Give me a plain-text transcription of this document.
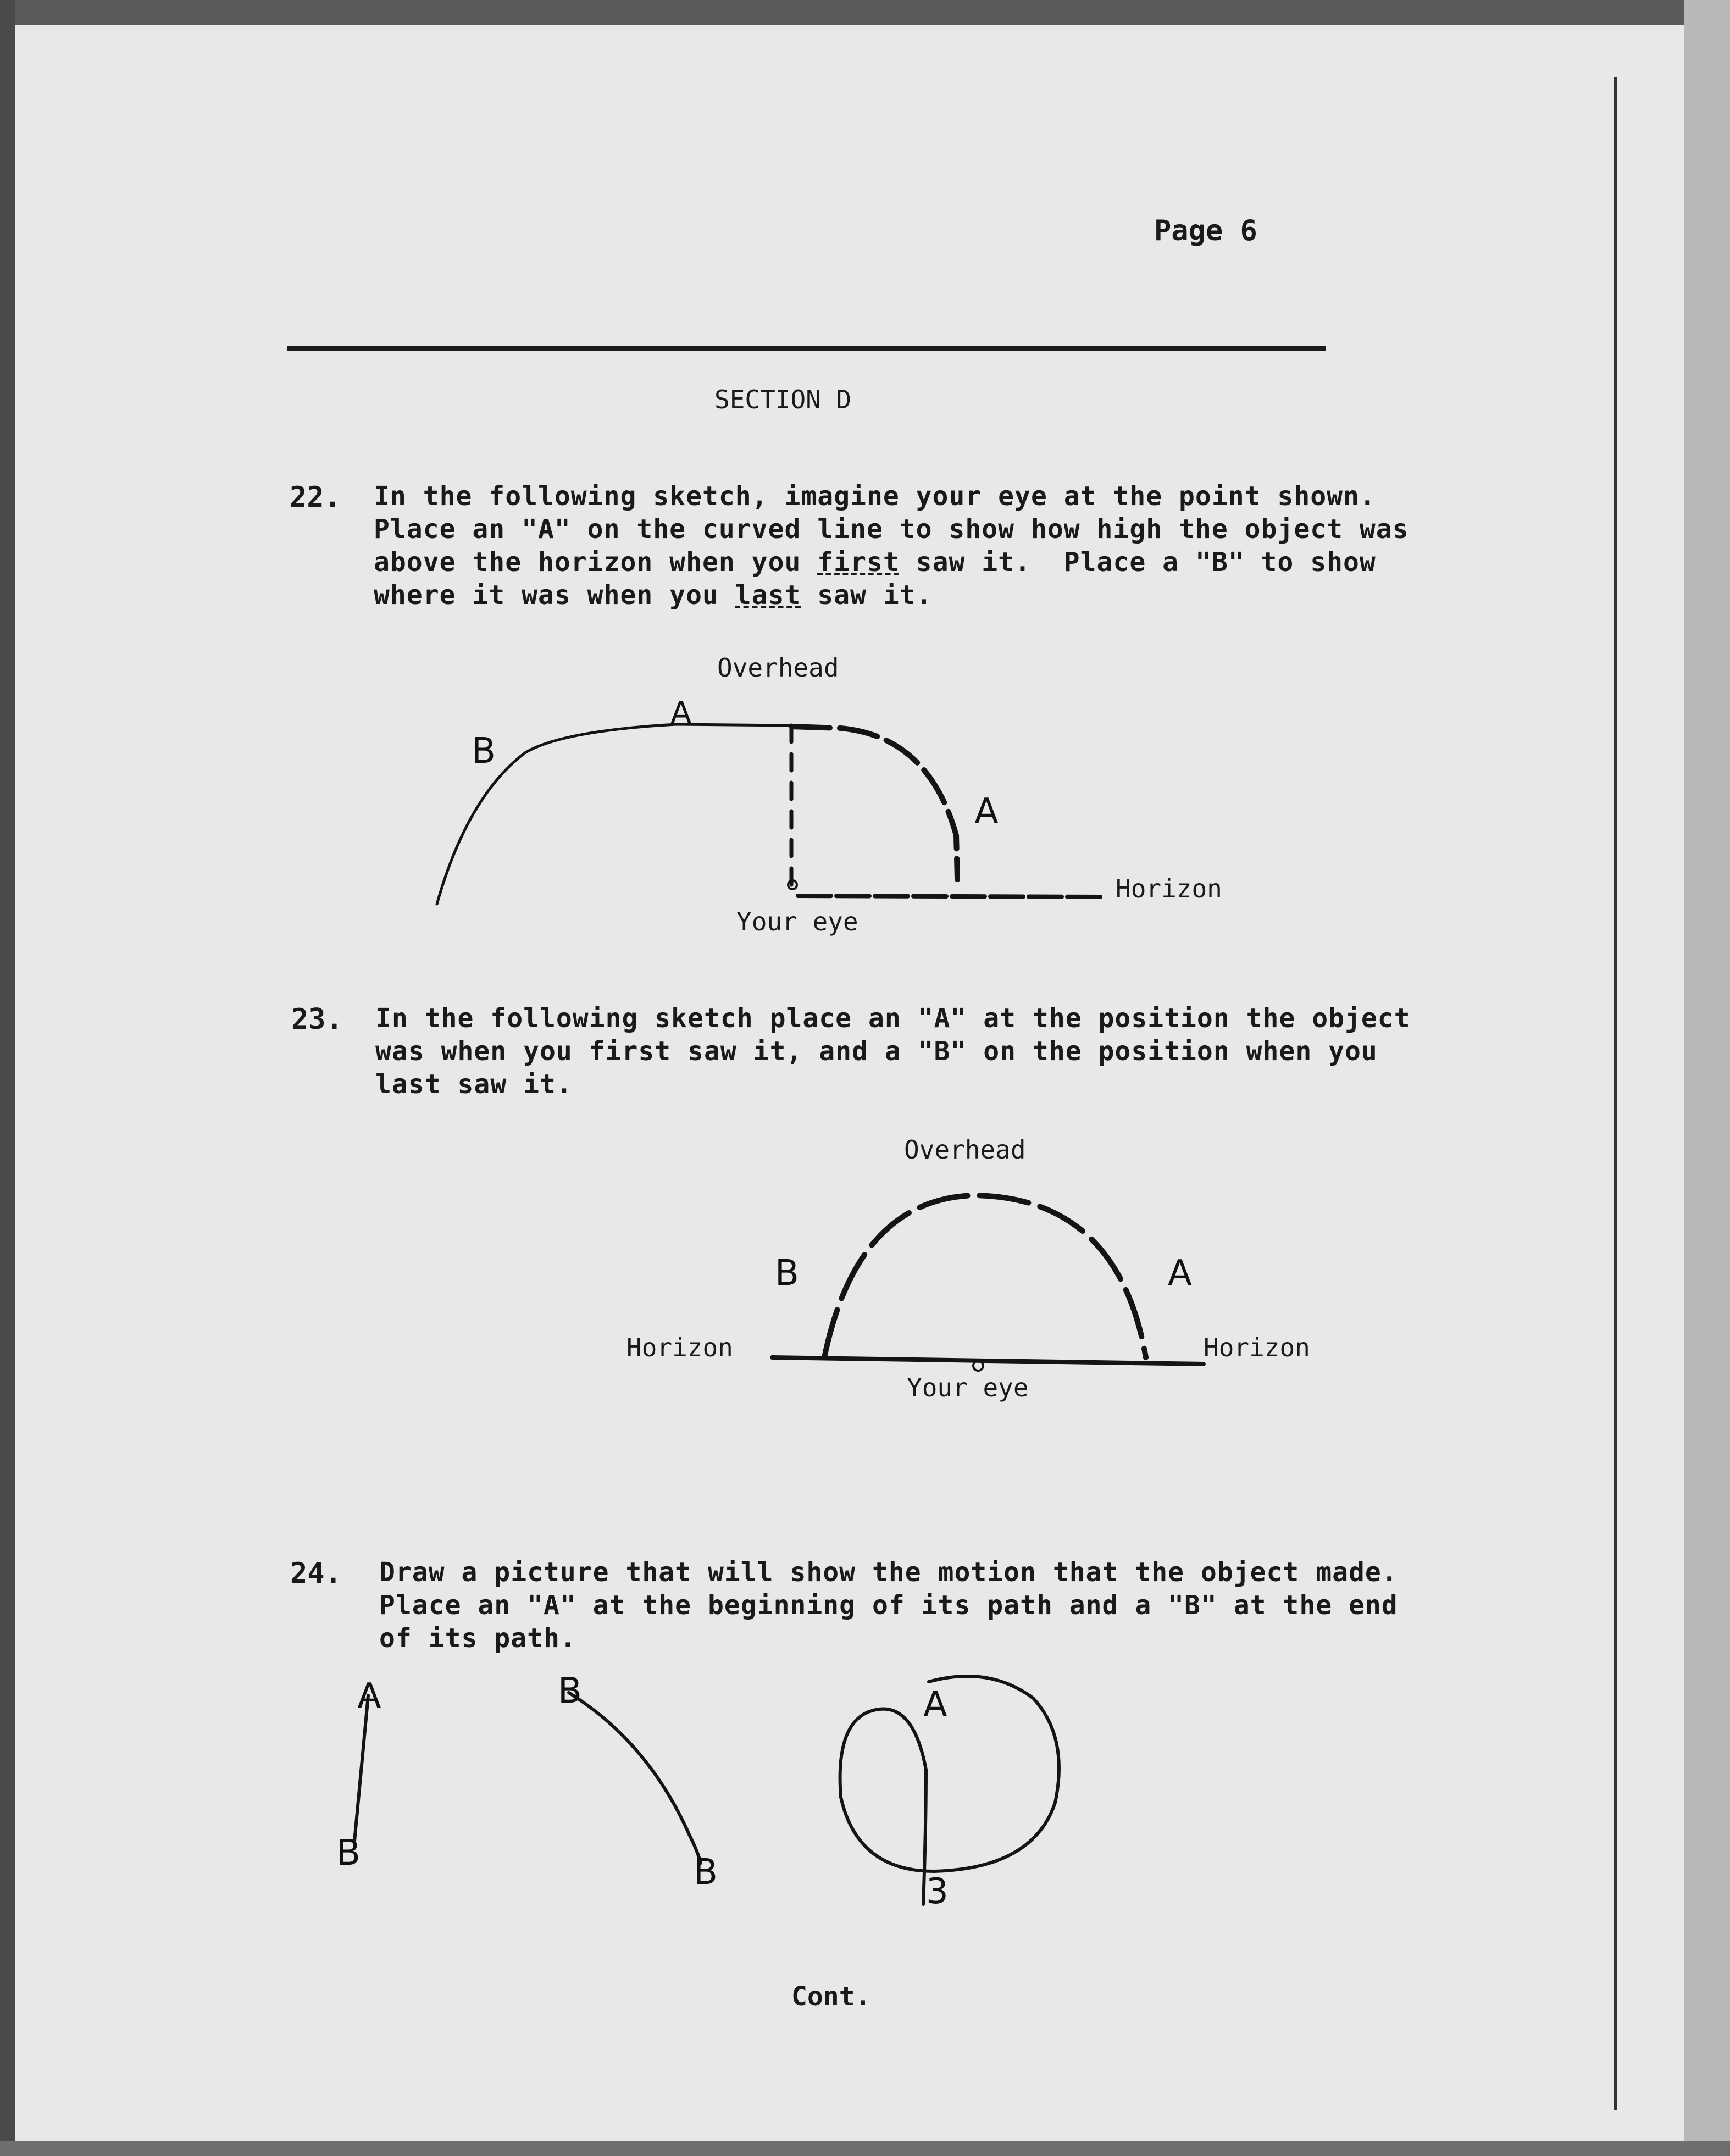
Page 6
SECTION D
22. In the following sketch, imagine your eye at the point shown.
Place an "A" on the curved line to show how high the object was
above the horizon when you first saw it.  Place a "B" to show
where it was when you last saw it.
Overhead
Horizon
Your eye
A
A
B
23. In the following sketch place an "A" at the position the object
was when you first saw it, and a "B" on the position when you
last saw it.
Overhead
Horizon	Horizon
Your eye
B	A
24. Draw a picture that will show the motion that the object made.
Place an "A" at the beginning of its path and a "B" at the end
of its path.
A
B
B
B
A
3
Cont.
